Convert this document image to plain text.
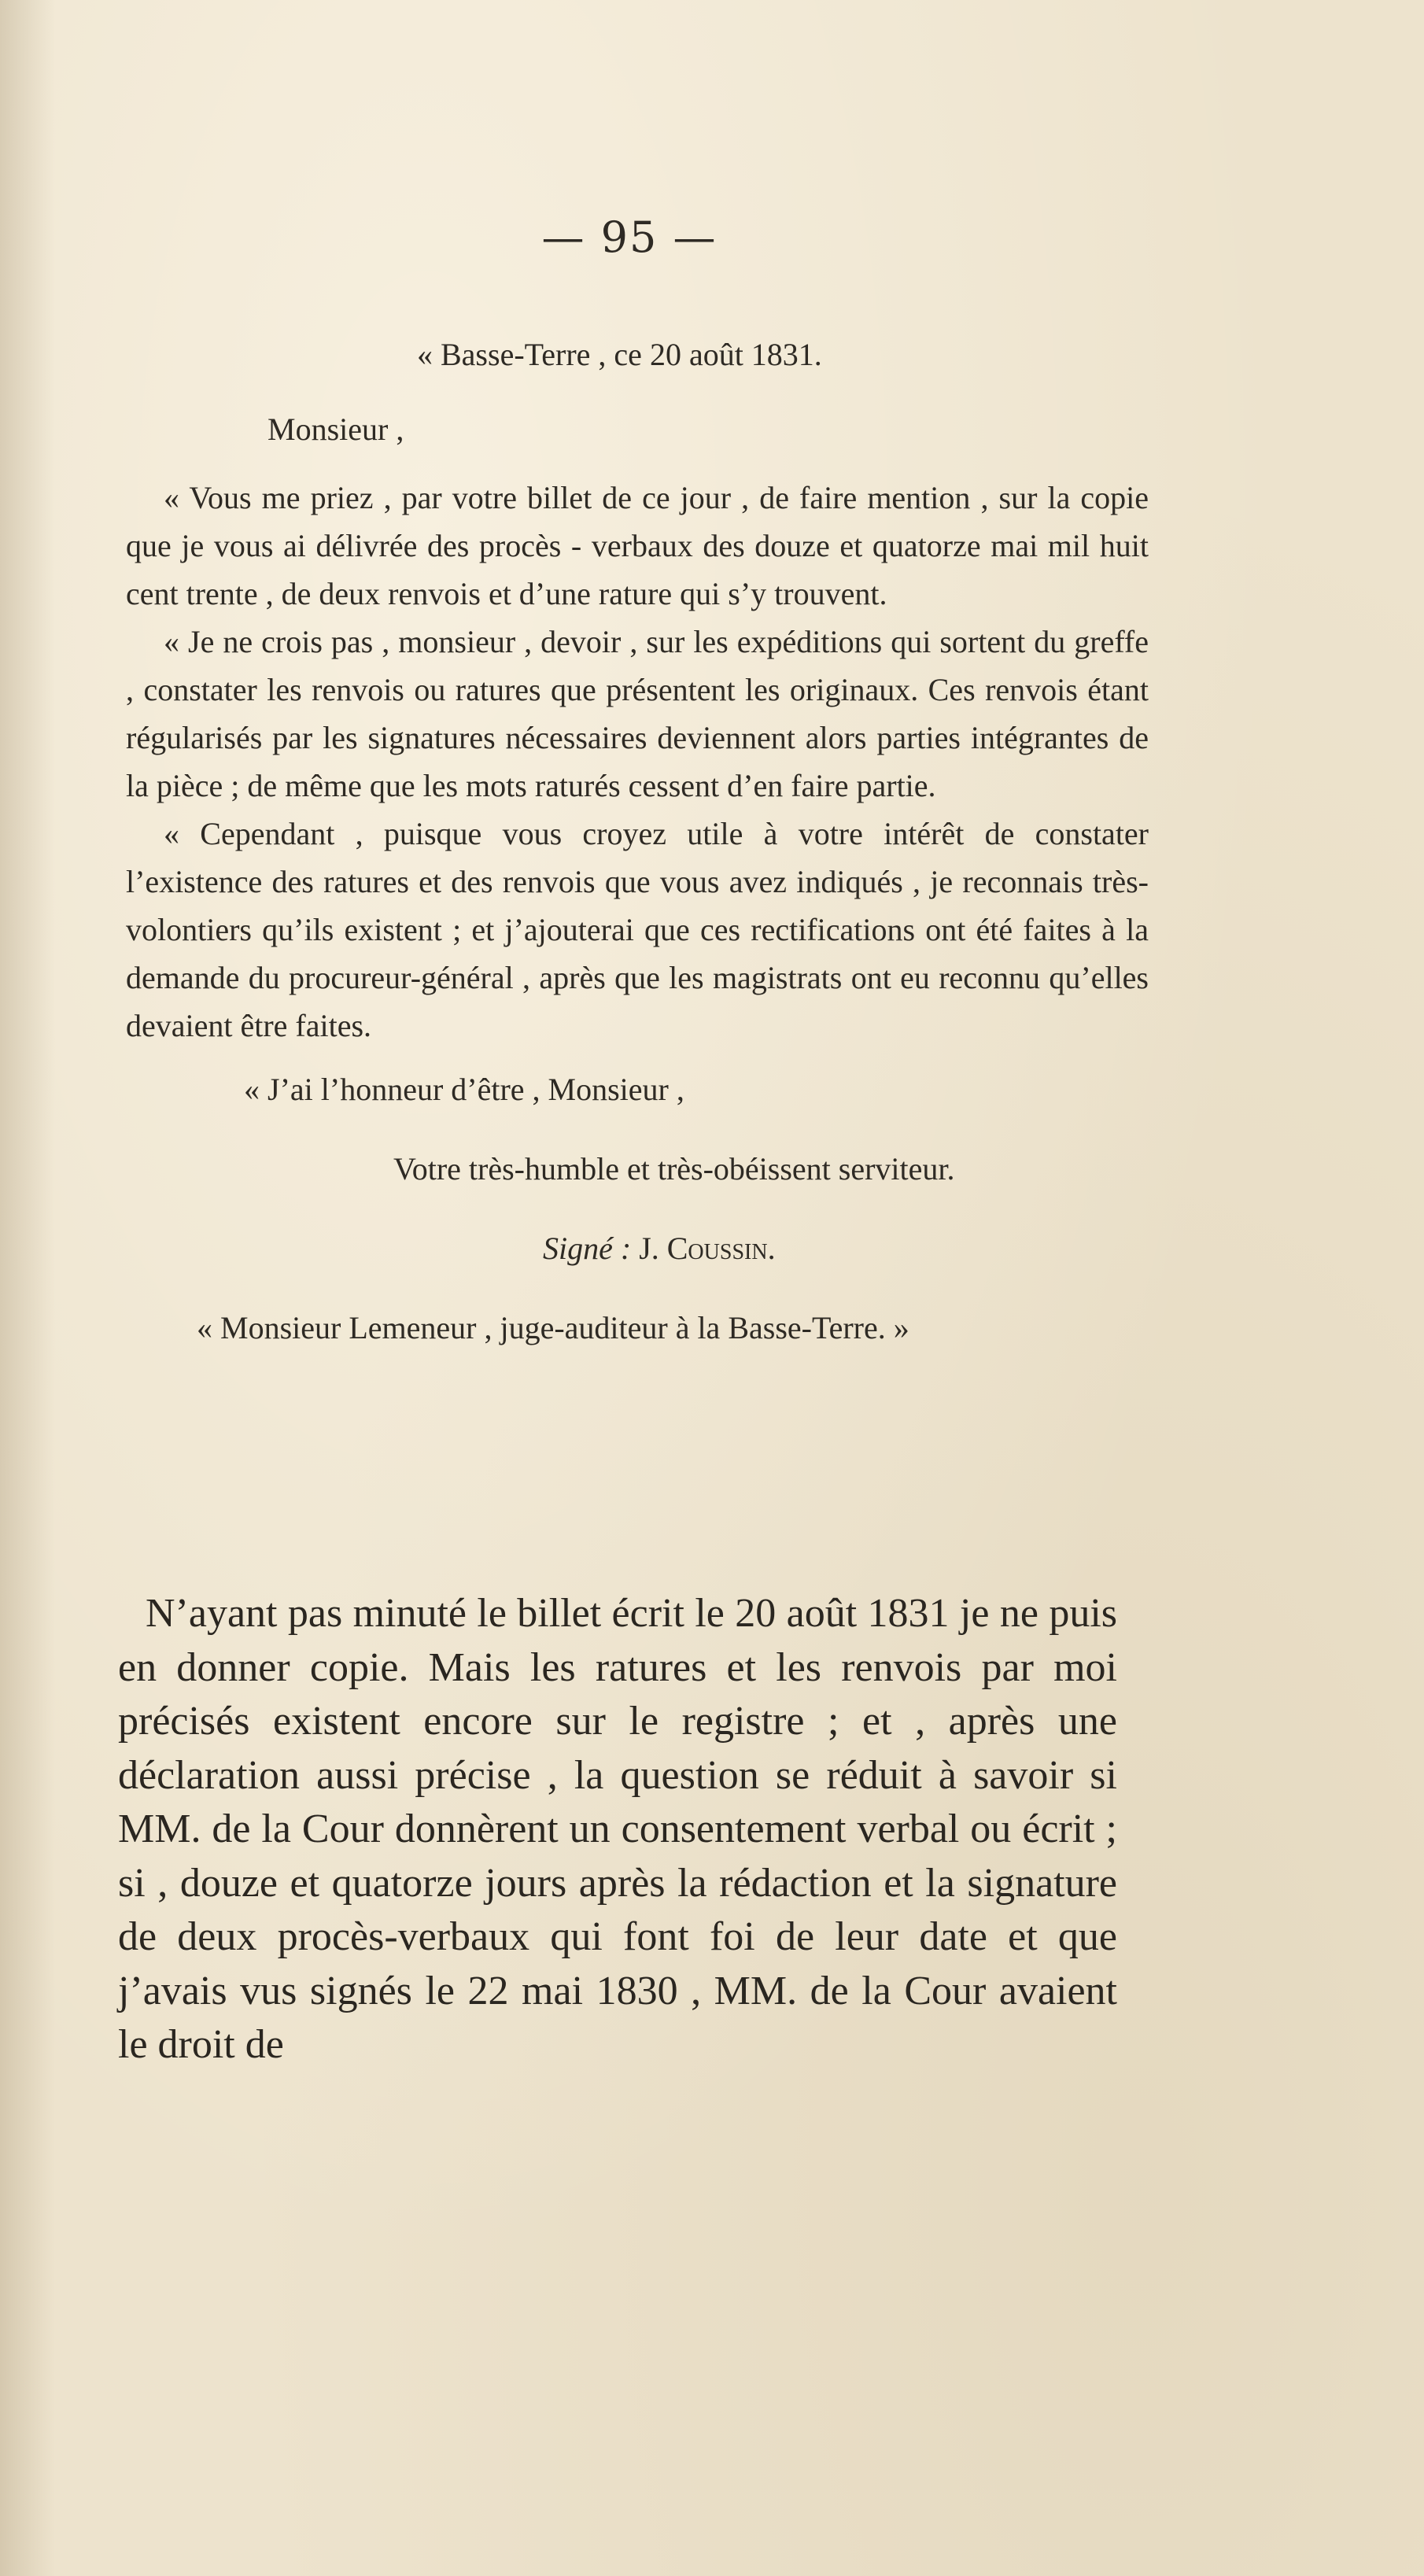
— 95 —
« Basse-Terre , ce 20 août 1831.
Monsieur ,

« Vous me priez , par votre billet de ce jour , de faire mention , sur la copie que je vous ai délivrée des procès - verbaux des douze et quatorze mai mil huit cent trente , de deux renvois et d’une rature qui s’y trouvent.

« Je ne crois pas , monsieur , devoir , sur les expéditions qui sortent du greffe , constater les renvois ou ratures que présentent les originaux. Ces renvois étant régularisés par les signatures nécessaires deviennent alors parties intégrantes de la pièce ; de même que les mots raturés cessent d’en faire partie.

« Cependant , puisque vous croyez utile à votre intérêt de constater l’existence des ratures et des renvois que vous avez indiqués , je reconnais très-volontiers qu’ils existent ; et j’ajouterai que ces rectifications ont été faites à la demande du procureur-général , après que les magistrats ont eu reconnu qu’elles devaient être faites.

« J’ai l’honneur d’être , Monsieur ,
Votre très-humble et très-obéissent serviteur.
Signé : J. Coussin.
« Monsieur Lemeneur , juge-auditeur à la Basse-Terre. »

N’ayant pas minuté le billet écrit le 20 août 1831 je ne puis en donner copie. Mais les ratures et les renvois par moi précisés existent encore sur le registre ; et , après une déclaration aussi précise , la question se réduit à savoir si MM. de la Cour donnèrent un consentement verbal ou écrit ; si , douze et quatorze jours après la rédaction et la signature de deux procès-verbaux qui font foi de leur date et que j’avais vus signés le 22 mai 1830 , MM. de la Cour avaient le droit de
